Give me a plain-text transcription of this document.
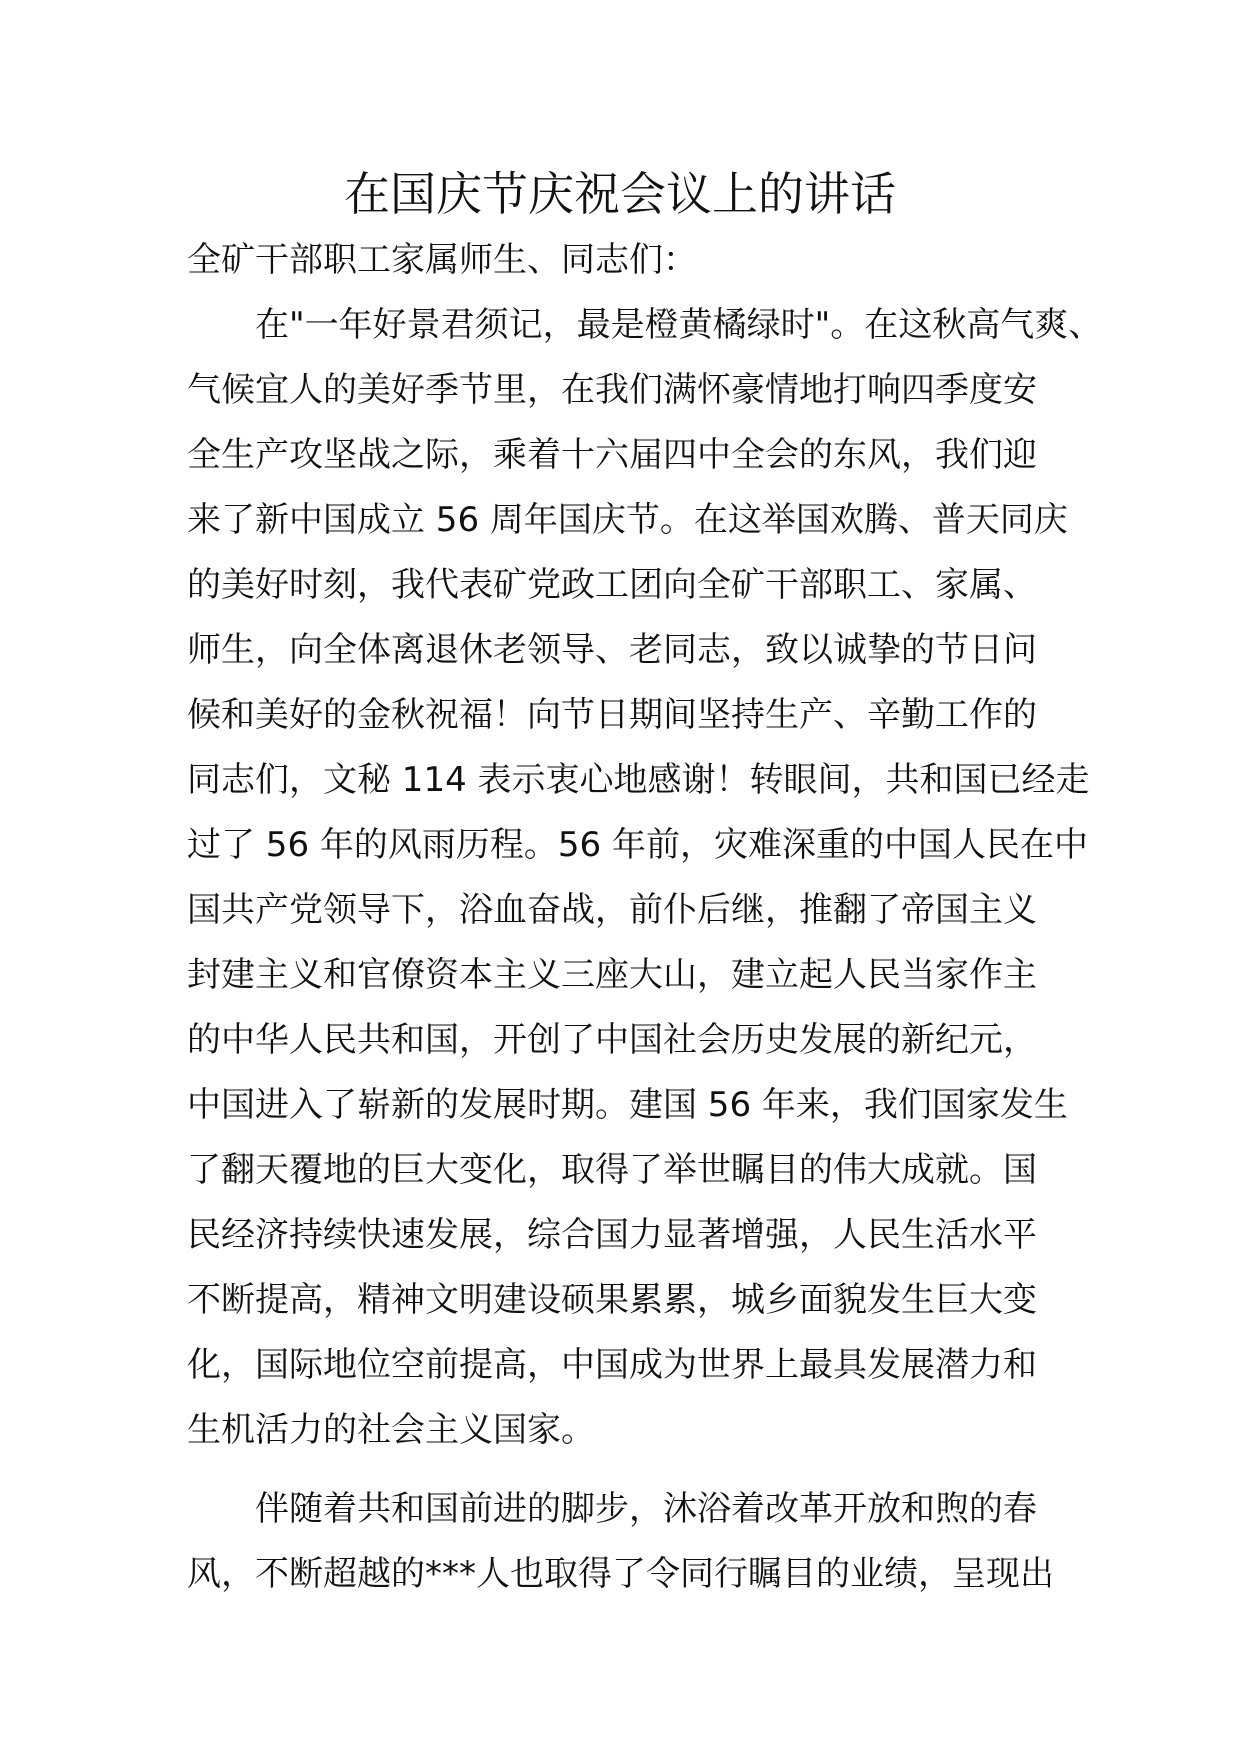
在国庆节庆祝会议上的讲话
全矿干部职工家属师生、同志们：
在"一年好景君须记，最是橙黄橘绿时"。在这秋高气爽、
气候宜人的美好季节里，在我们满怀豪情地打响四季度安
全生产攻坚战之际，乘着十六届四中全会的东风，我们迎
来了新中国成立 56 周年国庆节。在这举国欢腾、普天同庆
的美好时刻，我代表矿党政工团向全矿干部职工、家属、
师生，向全体离退休老领导、老同志，致以诚挚的节日问
候和美好的金秋祝福！向节日期间坚持生产、辛勤工作的
同志们，文秘 114 表示衷心地感谢！转眼间，共和国已经走
过了 56 年的风雨历程。56 年前，灾难深重的中国人民在中
国共产党领导下，浴血奋战，前仆后继，推翻了帝国主义
封建主义和官僚资本主义三座大山，建立起人民当家作主
的中华人民共和国，开创了中国社会历史发展的新纪元，
中国进入了崭新的发展时期。建国 56 年来，我们国家发生
了翻天覆地的巨大变化，取得了举世瞩目的伟大成就。国
民经济持续快速发展，综合国力显著增强，人民生活水平
不断提高，精神文明建设硕果累累，城乡面貌发生巨大变
化，国际地位空前提高，中国成为世界上最具发展潜力和
生机活力的社会主义国家。
伴随着共和国前进的脚步，沐浴着改革开放和煦的春
风，不断超越的***人也取得了令同行瞩目的业绩，呈现出
